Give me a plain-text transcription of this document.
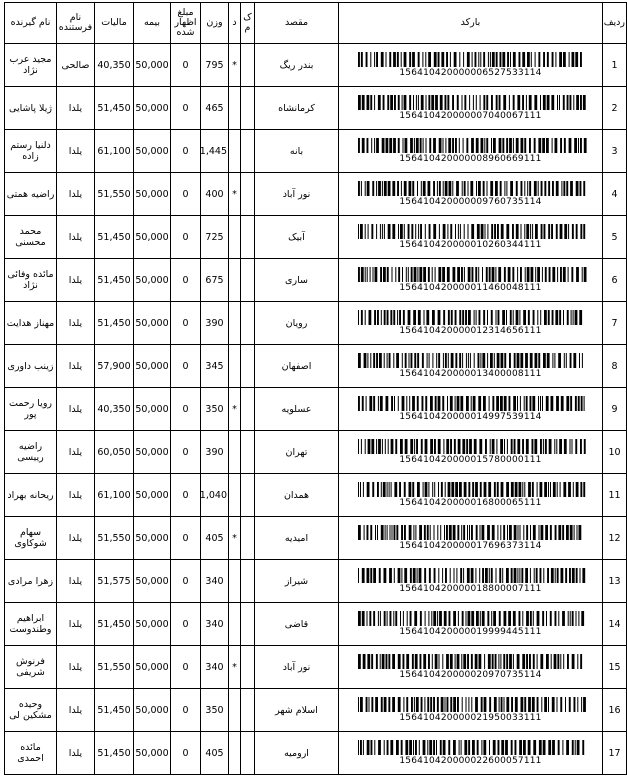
ردیف	بارکد	مقصد	ک م	د	وزن	مبلغ اظهار شده	بیمه	مالیات	نام فرستنده	نام گیرنده
1	156410420000006527533114	بندر ریگ		*	795	0	50,000	40,350	صالحی	مجید عرب نژاد
2	156410420000007040067111	کرمانشاه			465	0	50,000	51,450	یلدا	ژیلا پاشایی
3	156410420000008960669111	بانه			1,445	0	50,000	61,100	یلدا	دلنیا رستم زاده
4	156410420000009760735114	نور آباد		*	400	0	50,000	51,550	یلدا	راضیه همتی
5	156410420000010260344111	آبیک			725	0	50,000	51,450	یلدا	محمد محسنی
6	156410420000011460048111	ساری			675	0	50,000	51,450	یلدا	مائده وفائی نژاد
7	156410420000012314656111	رویان			390	0	50,000	51,450	یلدا	مهناز هدایت
8	156410420000013400008111	اصفهان			345	0	50,000	57,900	یلدا	زینب داوری
9	156410420000014997539114	عسلویه		*	350	0	50,000	40,350	یلدا	رویا رحمت پور
10	156410420000015780000111	تهران			390	0	50,000	60,050	یلدا	راضیه رییسی
11	156410420000016800065111	همدان			1,040	0	50,000	61,100	یلدا	ریحانه بهراد
12	156410420000017696373114	امیدیه		*	405	0	50,000	51,550	یلدا	سهام شوکاوی
13	156410420000018800007111	شیراز			340	0	50,000	51,575	یلدا	زهرا مرادی
14	156410420000019999445111	قاضی			340	0	50,000	51,450	یلدا	ابراهیم وطندوست
15	156410420000020970735114	نور آباد		*	340	0	50,000	51,550	یلدا	فرنوش شریفی
16	156410420000021950033111	اسلام شهر			350	0	50,000	51,450	یلدا	وحیده مشکین لی
17	156410420000022600057111	ارومیه			405	0	50,000	51,450	یلدا	مائده احمدی
